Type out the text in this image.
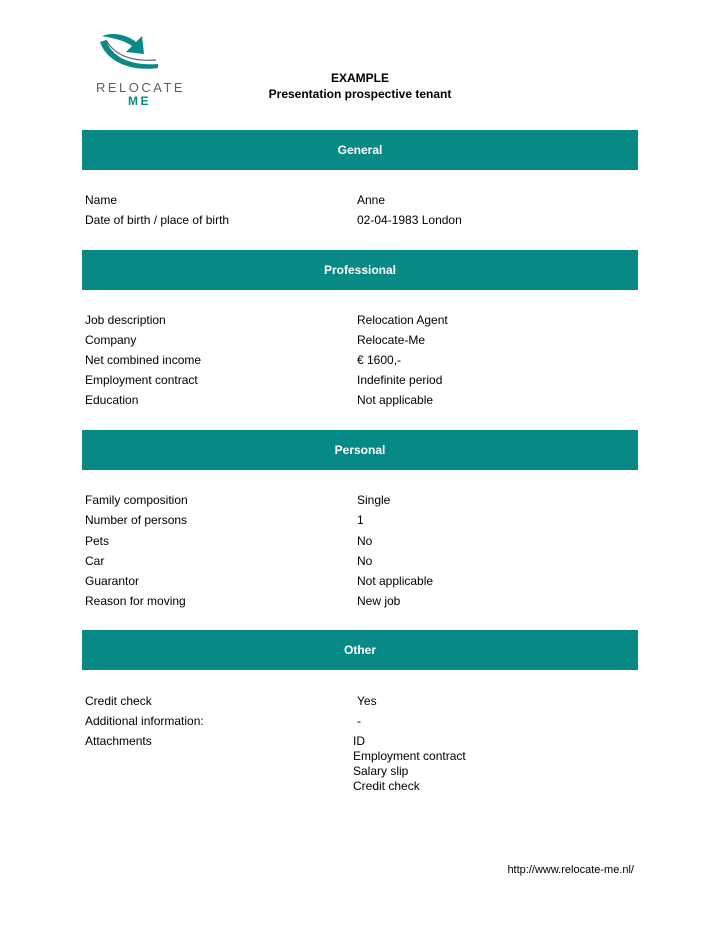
RELOCATE
ME
EXAMPLE
Presentation prospective tenant
General
Name	Anne
Date of birth / place of birth	02-04-1983 London
Professional
Job description	Relocation Agent
Company	Relocate-Me
Net combined income	€ 1600,-
Employment contract	Indefinite period
Education	Not applicable
Personal
Family composition	Single
Number of persons	1
Pets	No
Car	No
Guarantor	Not applicable
Reason for moving	New job
Other
Credit check	Yes
Additional information:	-
Attachments	ID
Employment contract
Salary slip
Credit check
http://www.relocate-me.nl/
